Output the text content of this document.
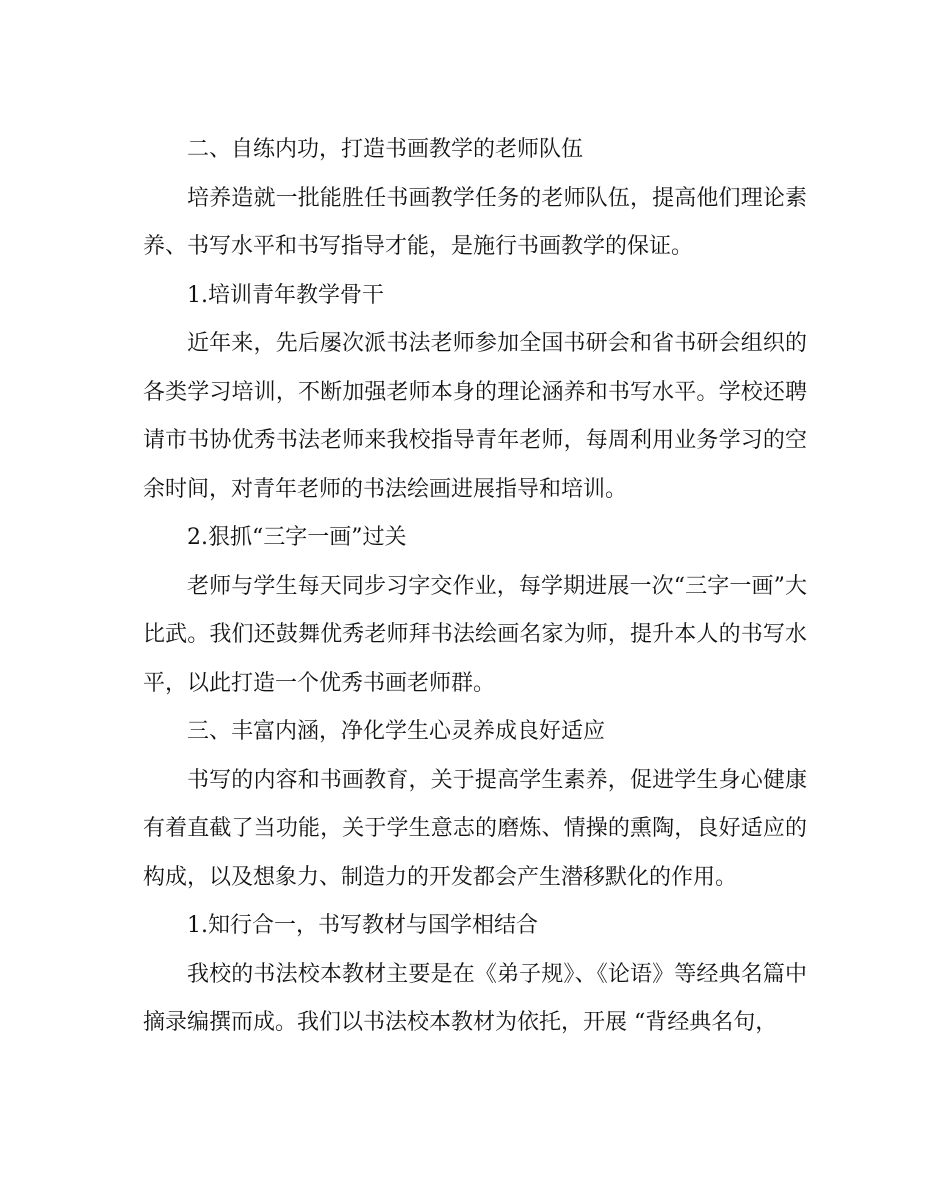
二、自练内功，打造书画教学的老师队伍

培养造就一批能胜任书画教学任务的老师队伍，提高他们理论素养、书写水平和书写指导才能，是施行书画教学的保证。

1.培训青年教学骨干

近年来，先后屡次派书法老师参加全国书研会和省书研会组织的各类学习培训，不断加强老师本身的理论涵养和书写水平。学校还聘请市书协优秀书法老师来我校指导青年老师，每周利用业务学习的空余时间，对青年老师的书法绘画进展指导和培训。

2.狠抓“三字一画”过关

老师与学生每天同步习字交作业，每学期进展一次“三字一画”大比武。我们还鼓舞优秀老师拜书法绘画名家为师，提升本人的书写水平，以此打造一个优秀书画老师群。

三、丰富内涵，净化学生心灵养成良好适应

书写的内容和书画教育，关于提高学生素养，促进学生身心健康有着直截了当功能，关于学生意志的磨炼、情操的熏陶，良好适应的构成，以及想象力、制造力的开发都会产生潜移默化的作用。

1.知行合一，书写教材与国学相结合

我校的书法校本教材主要是在《弟子规》、《论语》等经典名篇中摘录编撰而成。我们以书法校本教材为依托，开展 “背经典名句，
